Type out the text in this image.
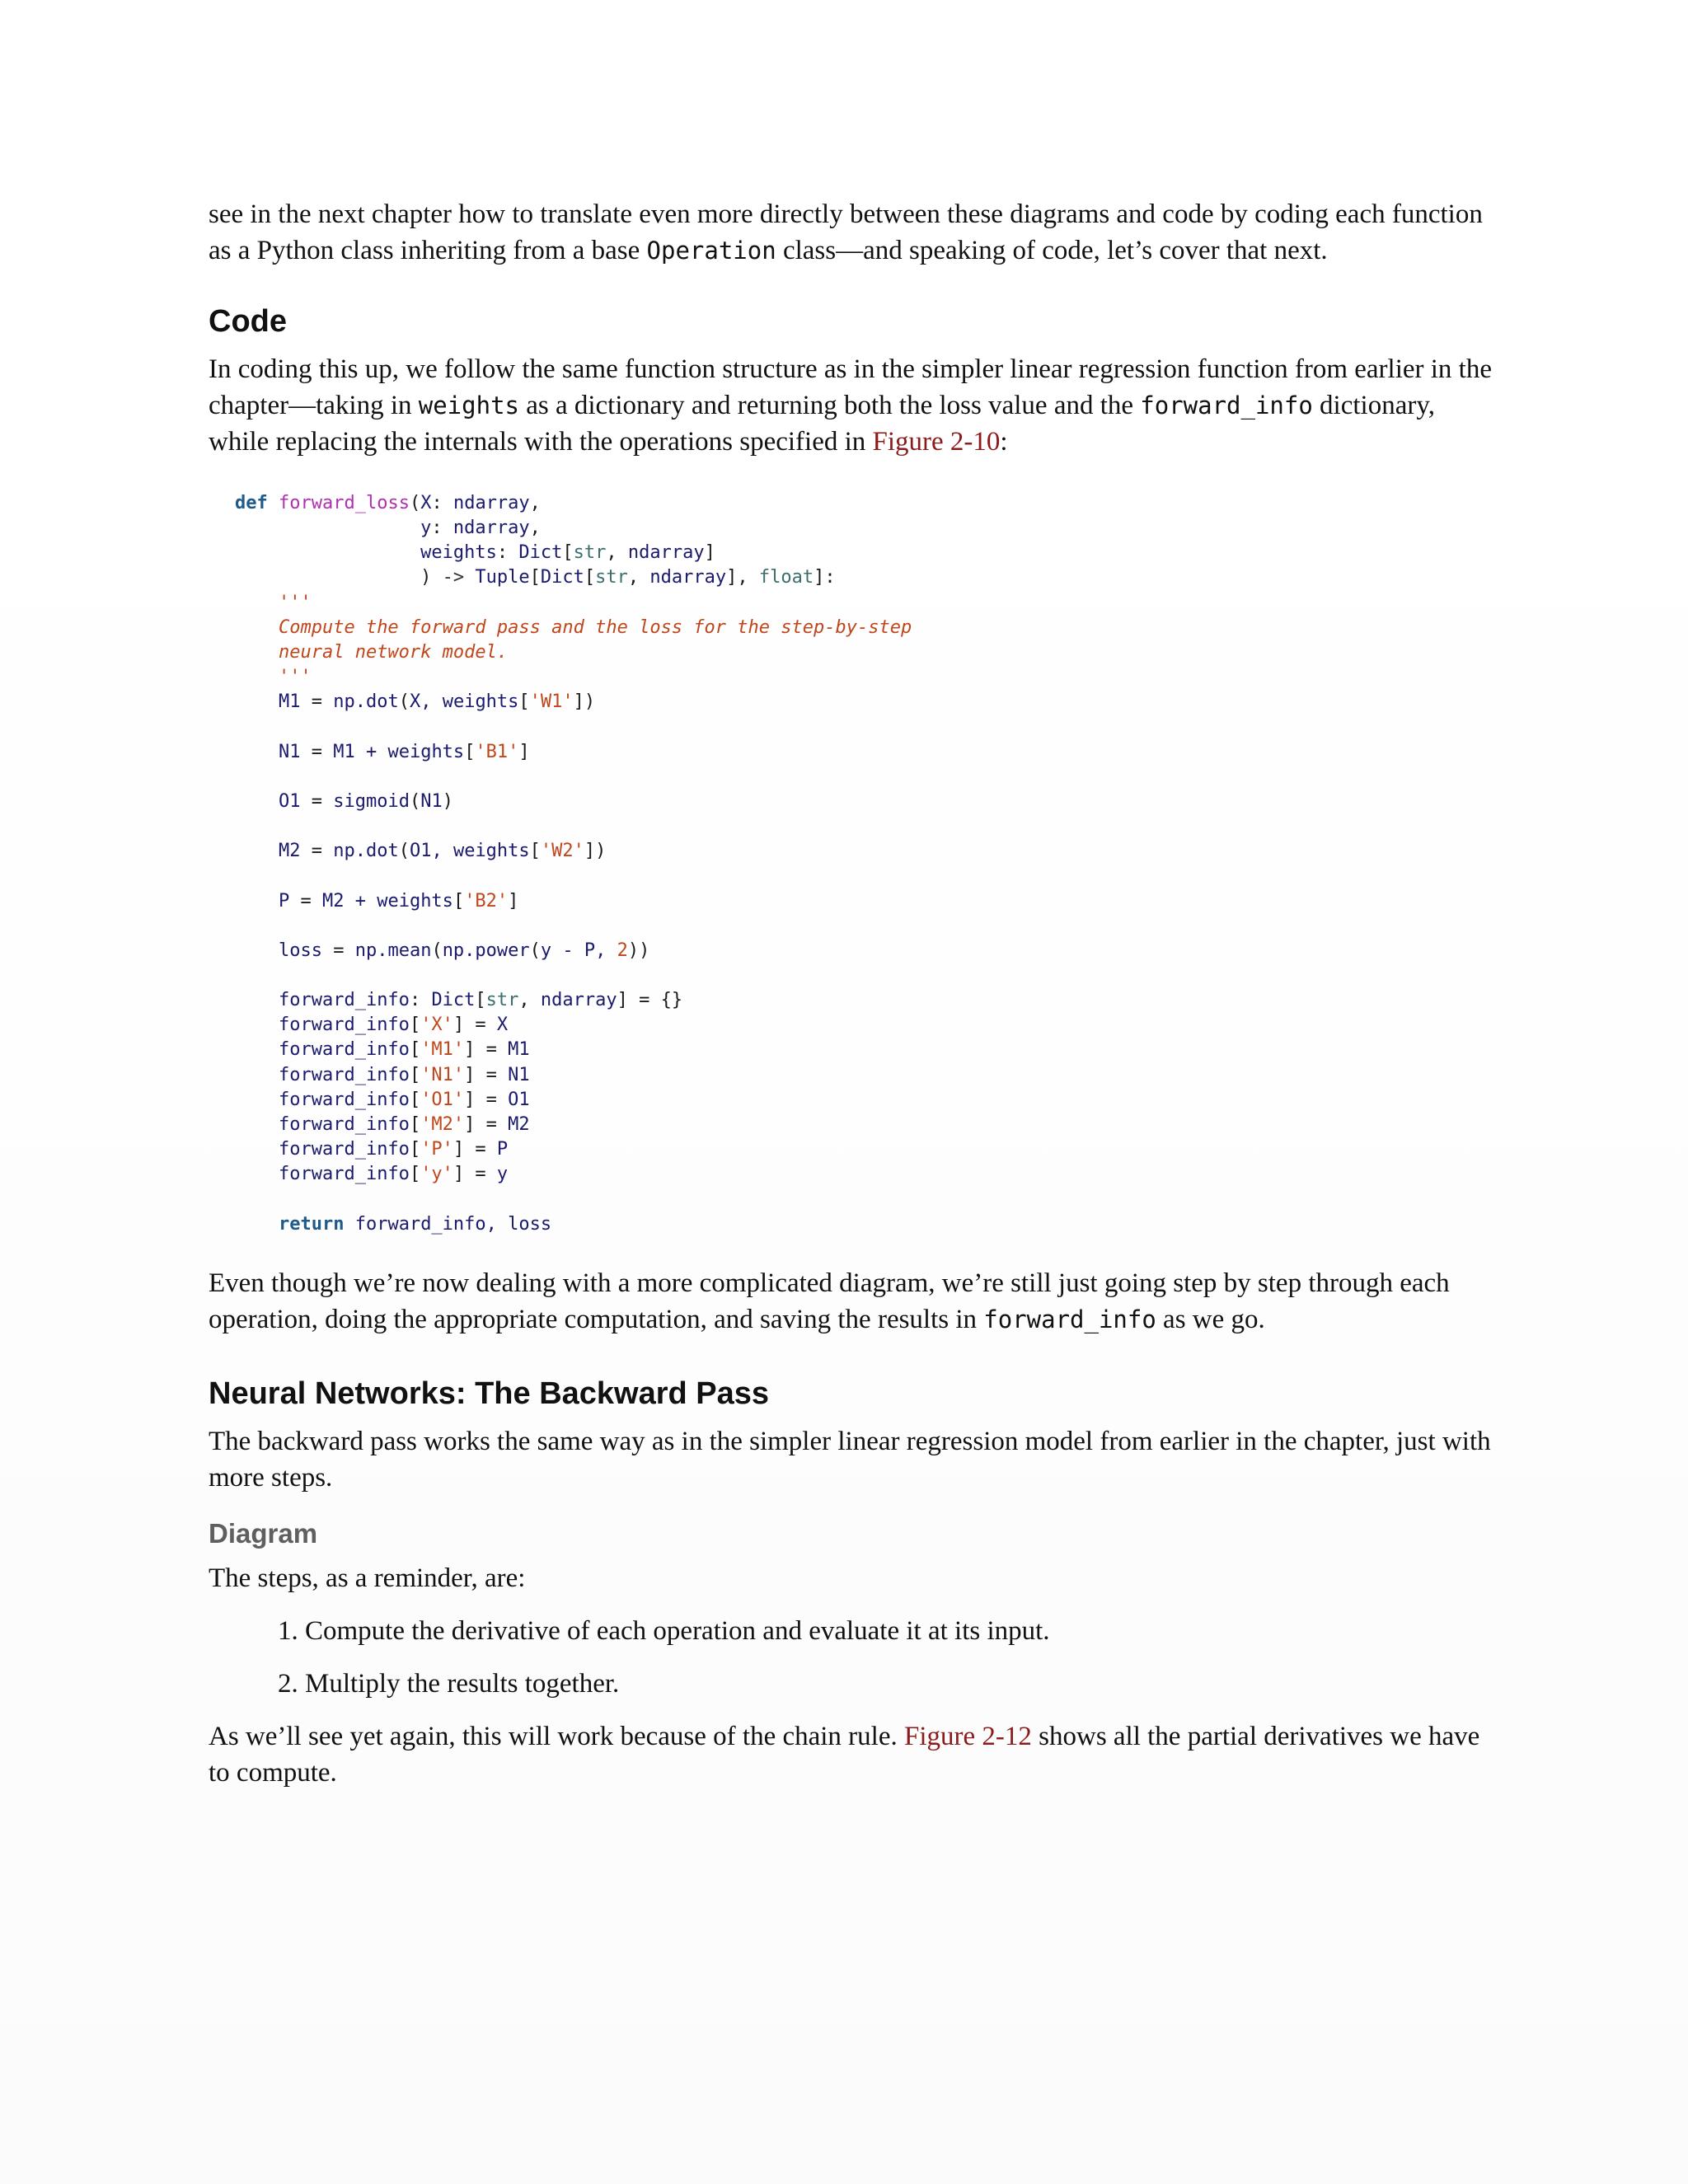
see in the next chapter how to translate even more directly between these diagrams and code by coding each function as a Python class inheriting from a base Operation class—and speaking of code, let’s cover that next.

Code

In coding this up, we follow the same function structure as in the simpler linear regression function from earlier in the chapter—taking in weights as a dictionary and returning both the loss value and the forward_info dictionary, while replacing the internals with the operations specified in Figure 2-10:

def forward_loss(X: ndarray,
y: ndarray,
weights: Dict[str, ndarray]
) -> Tuple[Dict[str, ndarray], float]:
'''
Compute the forward pass and the loss for the step-by-step
neural network model.
'''
M1 = np.dot(X, weights['W1'])

N1 = M1 + weights['B1']

O1 = sigmoid(N1)

M2 = np.dot(O1, weights['W2'])

P = M2 + weights['B2']

loss = np.mean(np.power(y - P, 2))

forward_info: Dict[str, ndarray] = {}
forward_info['X'] = X
forward_info['M1'] = M1
forward_info['N1'] = N1
forward_info['O1'] = O1
forward_info['M2'] = M2
forward_info['P'] = P
forward_info['y'] = y

return forward_info, loss

Even though we’re now dealing with a more complicated diagram, we’re still just going step by step through each operation, doing the appropriate computation, and saving the results in forward_info as we go.

Neural Networks: The Backward Pass

The backward pass works the same way as in the simpler linear regression model from earlier in the chapter, just with more steps.

Diagram

The steps, as a reminder, are:

1. Compute the derivative of each operation and evaluate it at its input.
2. Multiply the results together.

As we’ll see yet again, this will work because of the chain rule. Figure 2-12 shows all the partial derivatives we have to compute.
